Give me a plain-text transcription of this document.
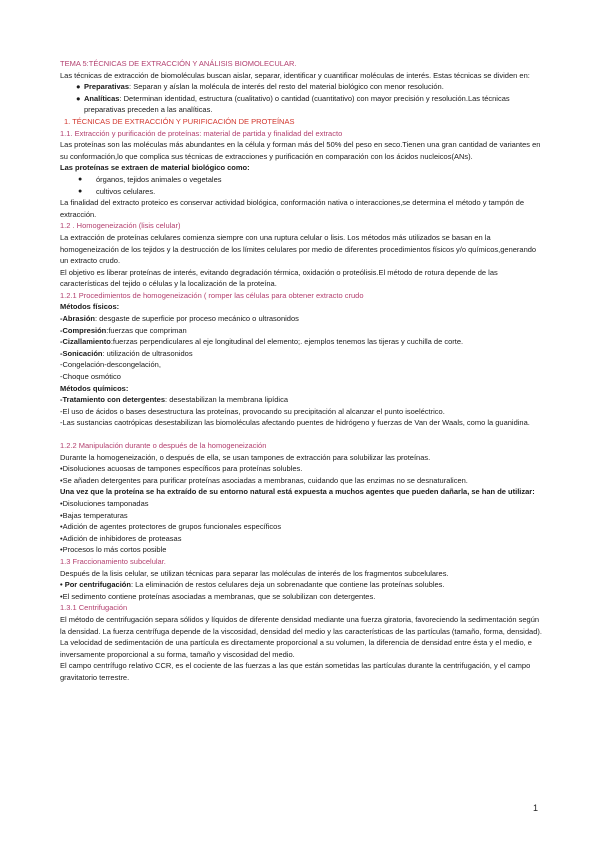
TEMA 5:TÉCNICAS DE EXTRACCIÓN Y ANÁLISIS BIOMOLECULAR.

Las técnicas de extracción de biomoléculas buscan aislar, separar, identificar y cuantificar moléculas de interés. Estas técnicas se dividen en:

● Preparativas: Separan y aíslan la molécula de interés del resto del material biológico con menor resolución.

● Analíticas: Determinan identidad, estructura (cualitativo) o cantidad (cuantitativo) con mayor precisión y resolución.Las técnicas preparativas preceden a las analíticas.

1. TÉCNICAS DE EXTRACCIÓN Y PURIFICACIÓN DE PROTEÍNAS

1.1. Extracción y purificación de proteínas: material de partida y finalidad del extracto

Las proteínas son las moléculas más abundantes en la célula y forman más del 50% del peso en seco.Tienen una gran cantidad de variantes en su conformación,lo que complica sus técnicas de extracciones y purificación en comparación con los ácidos nucleicos(ANs).

Las proteínas se extraen de material biológico como:

● órganos, tejidos animales o vegetales

● cultivos celulares.

La finalidad del extracto proteico es conservar actividad biológica, conformación nativa o interacciones,se determina el método y tampón de extracción.

1.2 . Homogeneización (lisis celular)

La extracción de proteínas celulares comienza siempre con una ruptura celular o lisis. Los métodos más utilizados se basan en la homogeneización de los tejidos y la destrucción de los límites celulares por medio de diferentes procedimientos físicos y/o químicos,generando un extracto crudo.

El objetivo es liberar proteínas de interés, evitando degradación térmica, oxidación o proteólisis.El método de rotura depende de las características del tejido o células y la localización de la proteína.

1.2.1 Procedimientos de homogeneización ( romper las células para obtener extracto crudo

Métodos físicos:

-Abrasión: desgaste de superficie por proceso mecánico o ultrasonidos

-Compresión:fuerzas que compriman

-Cizallamiento:fuerzas perpendiculares al eje longitudinal del elemento;. ejemplos tenemos las tijeras y cuchilla de corte.

-Sonicación: utilización de ultrasonidos

-Congelación-descongelación,

-Choque osmótico

Métodos químicos:

-Tratamiento con detergentes: desestabilizan la membrana lipídica

-El uso de ácidos o bases desestructura las proteínas, provocando su precipitación al alcanzar el punto isoeléctrico.

-Las sustancias caotrópicas desestabilizan las biomoléculas afectando puentes de hidrógeno y fuerzas de Van der Waals, como la guanidina.

1.2.2 Manipulación durante o después de la homogeneización

Durante la homogeneización, o después de ella, se usan tampones de extracción para solubilizar las proteínas.

•Disoluciones acuosas de tampones específicos para proteínas solubles.

•Se añaden detergentes para purificar proteínas asociadas a membranas, cuidando que las enzimas no se desnaturalicen.

Una vez que la proteína se ha extraído de su entorno natural está expuesta a muchos agentes que pueden dañarla, se han de utilizar:

•Disoluciones tamponadas

•Bajas temperaturas

•Adición de agentes protectores de grupos funcionales específicos

•Adición de inhibidores de proteasas

•Procesos lo más cortos posible

1.3 Fraccionamiento subcelular.

Después de la lisis celular, se utilizan técnicas para separar las moléculas de interés de los fragmentos subcelulares.

• Por centrifugación: La eliminación de restos celulares deja un sobrenadante que contiene las proteínas solubles.

•El sedimento contiene proteínas asociadas a membranas, que se solubilizan con detergentes.

1.3.1 Centrifugación

El método de centrifugación separa sólidos y líquidos de diferente densidad mediante una fuerza giratoria, favoreciendo la sedimentación según la densidad. La fuerza centrífuga depende de la viscosidad, densidad del medio y las características de las partículas (tamaño, forma, densidad).

La velocidad de sedimentación de una partícula es directamente proporcional a su volumen, la diferencia de densidad entre ésta y el medio, e inversamente proporcional a su forma, tamaño y viscosidad del medio.

El campo centrífugo relativo CCR, es el cociente de las fuerzas a las que están sometidas las partículas durante la centrifugación, y el campo gravitatorio terrestre.

1
